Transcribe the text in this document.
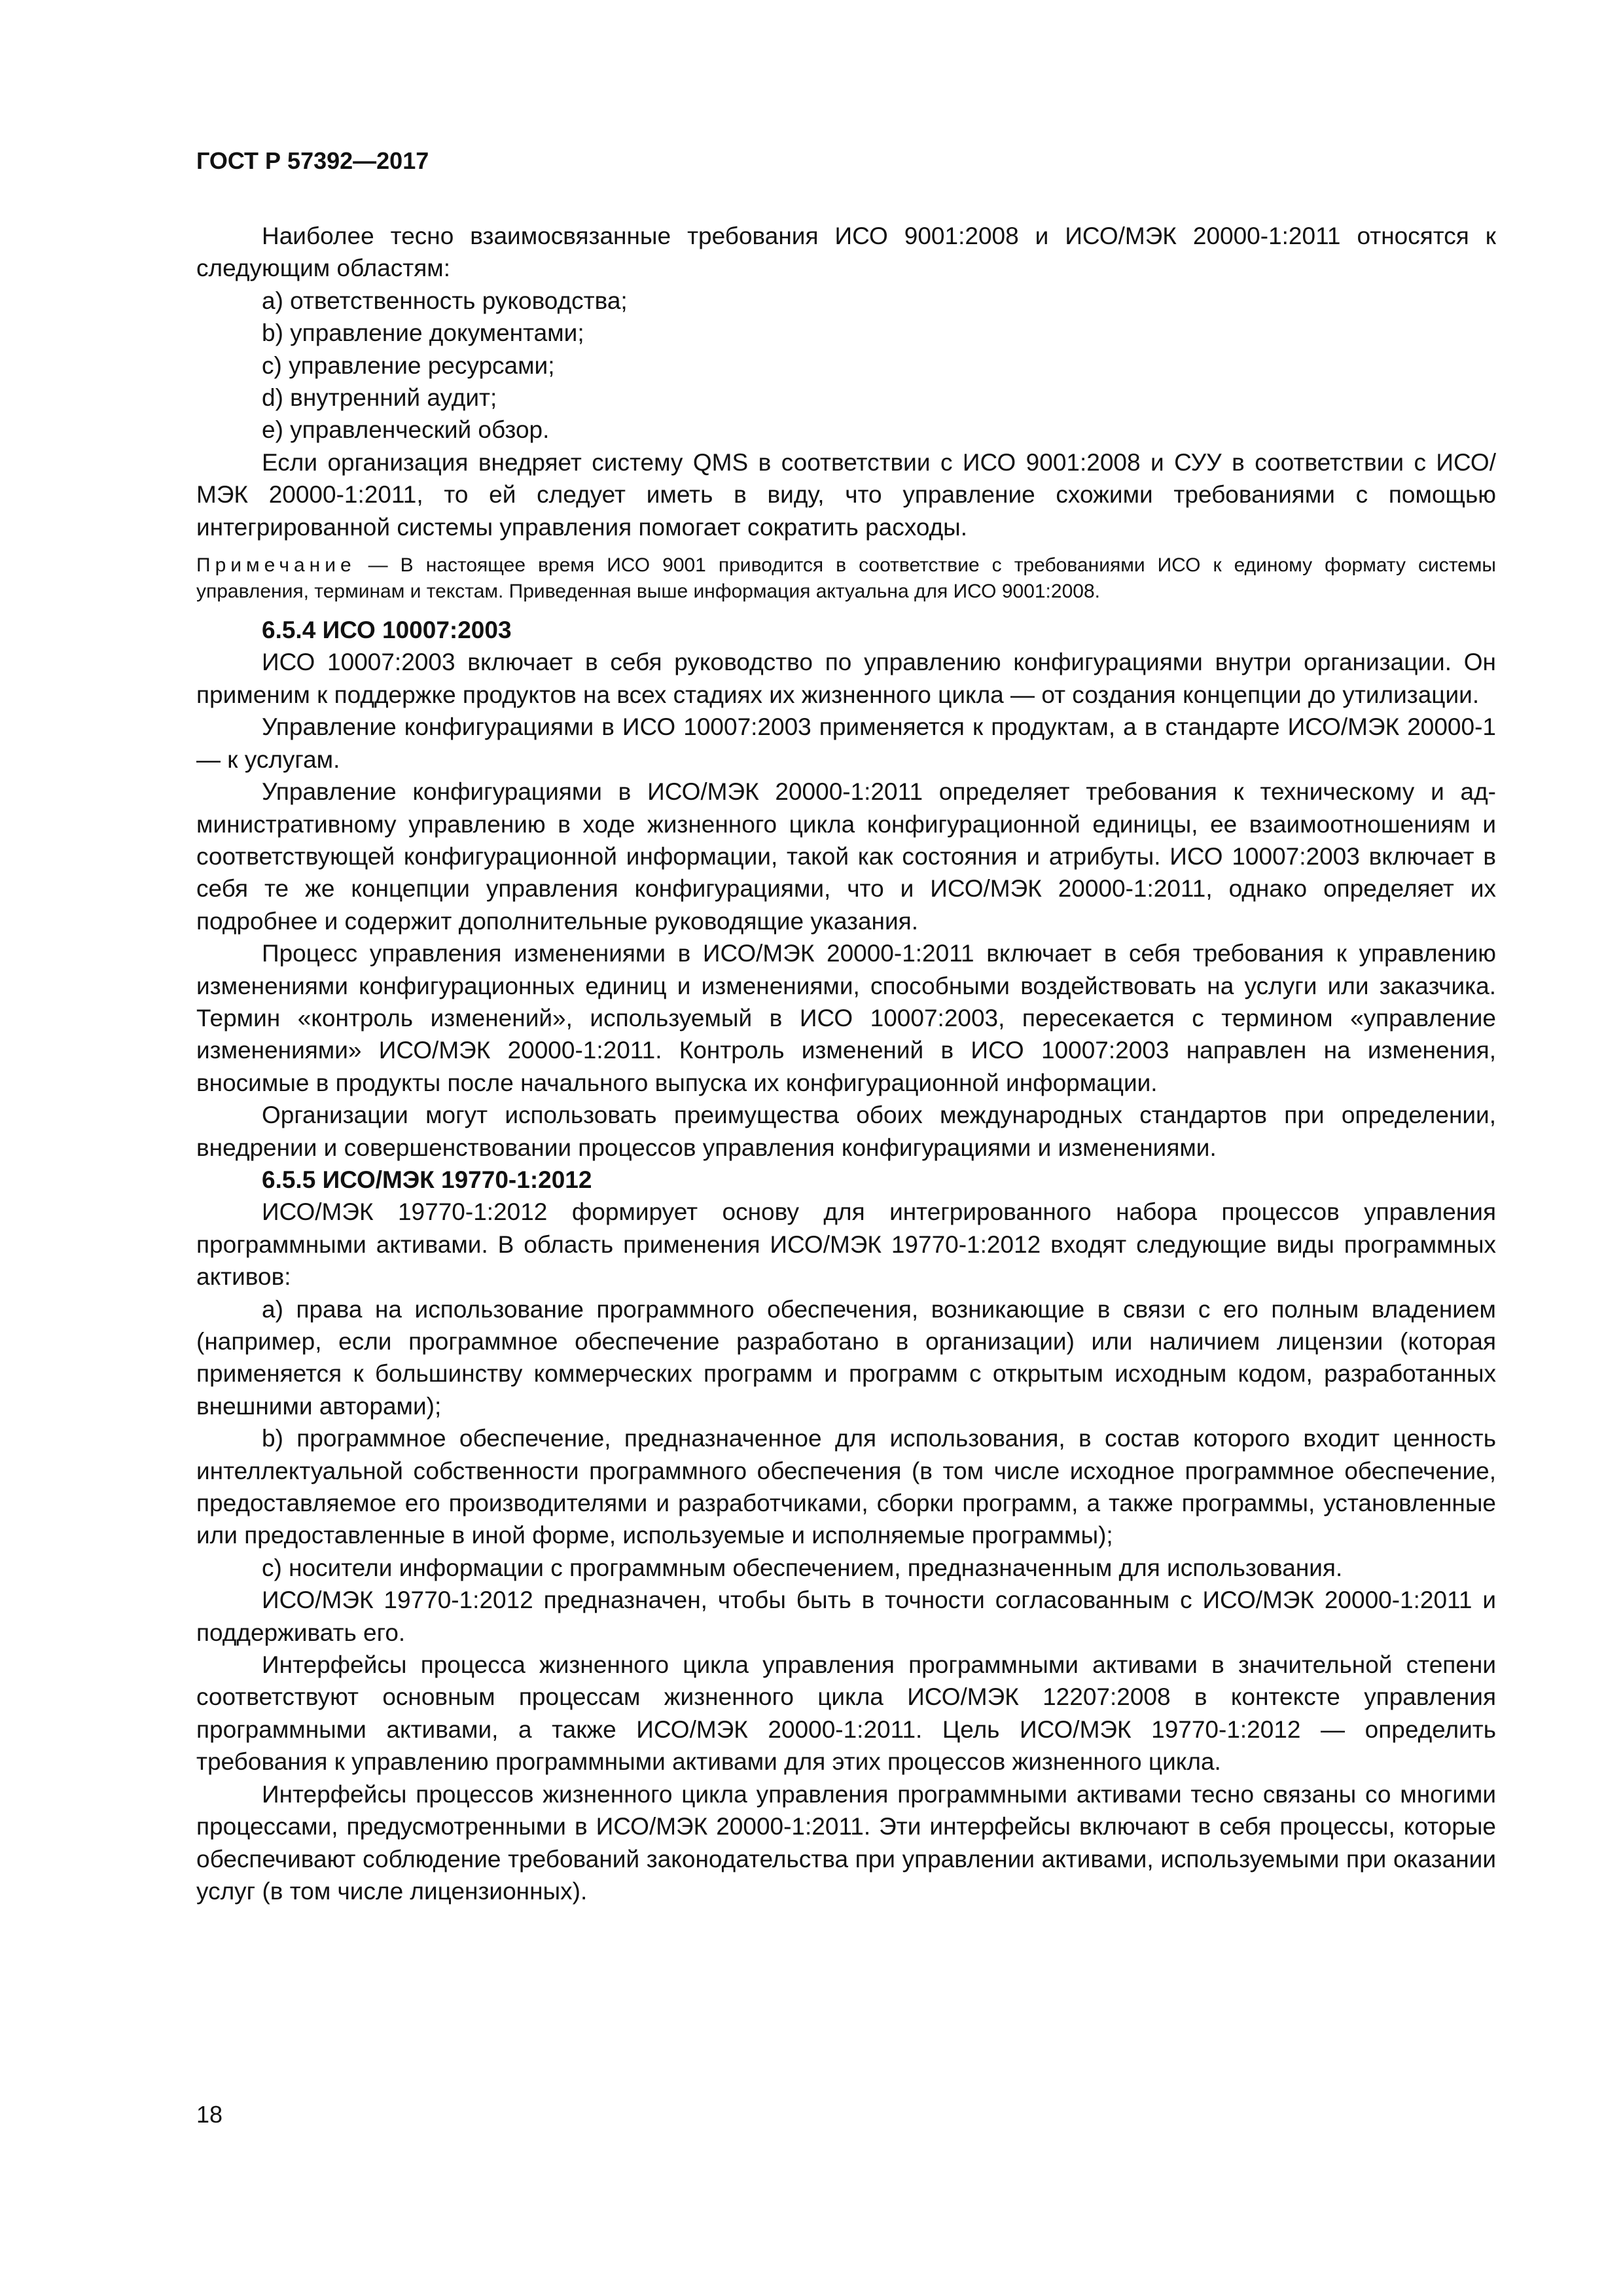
ГОСТ Р 57392—2017

Наиболее тесно взаимосвязанные требования ИСО 9001:2008 и ИСО/МЭК 20000-1:2011 относятся к следующим областям:

а) ответственность руководства;

b) управление документами;

с) управление ресурсами;

d) внутренний аудит;

е) управленческий обзор.

Если организация внедряет систему QMS в соответствии с ИСО 9001:2008 и СУУ в соответствии с ИСО/МЭК 20000-1:2011, то ей следует иметь в виду, что управление схожими требованиями с помощью интегрированной системы управления помогает сократить расходы.

Примечание — В настоящее время ИСО 9001 приводится в соответствие с требованиями ИСО к единому формату системы управления, терминам и текстам. Приведенная выше информация актуальна для ИСО 9001:2008.

6.5.4 ИСО 10007:2003

ИСО 10007:2003 включает в себя руководство по управлению конфигурациями внутри организации. Он применим к поддержке продуктов на всех стадиях их жизненного цикла — от создания концепции до утилизации.

Управление конфигурациями в ИСО 10007:2003 применяется к продуктам, а в стандарте ИСО/МЭК 20000-1 — к услугам.

Управление конфигурациями в ИСО/МЭК 20000-1:2011 определяет требования к техническому и административному управлению в ходе жизненного цикла конфигурационной единицы, ее взаимоотношениям и соответствующей конфигурационной информации, такой как состояния и атрибуты. ИСО 10007:2003 включает в себя те же концепции управления конфигурациями, что и ИСО/МЭК 20000-1:2011, однако определяет их подробнее и содержит дополнительные руководящие указания.

Процесс управления изменениями в ИСО/МЭК 20000-1:2011 включает в себя требования к управлению изменениями конфигурационных единиц и изменениями, способными воздействовать на услуги или заказчика. Термин «контроль изменений», используемый в ИСО 10007:2003, пересекается с термином «управление изменениями» ИСО/МЭК 20000-1:2011. Контроль изменений в ИСО 10007:2003 направлен на изменения, вносимые в продукты после начального выпуска их конфигурационной информации.

Организации могут использовать преимущества обоих международных стандартов при определении, внедрении и совершенствовании процессов управления конфигурациями и изменениями.

6.5.5 ИСО/МЭК 19770-1:2012

ИСО/МЭК 19770-1:2012 формирует основу для интегрированного набора процессов управления программными активами. В область применения ИСО/МЭК 19770-1:2012 входят следующие виды программных активов:

а) права на использование программного обеспечения, возникающие в связи с его полным владением (например, если программное обеспечение разработано в организации) или наличием лицензии (которая применяется к большинству коммерческих программ и программ с открытым исходным кодом, разработанных внешними авторами);

b) программное обеспечение, предназначенное для использования, в состав которого входит ценность интеллектуальной собственности программного обеспечения (в том числе исходное программное обеспечение, предоставляемое его производителями и разработчиками, сборки программ, а также программы, установленные или предоставленные в иной форме, используемые и исполняемые программы);

с) носители информации с программным обеспечением, предназначенным для использования.

ИСО/МЭК 19770-1:2012 предназначен, чтобы быть в точности согласованным с ИСО/МЭК 20000-1:2011 и поддерживать его.

Интерфейсы процесса жизненного цикла управления программными активами в значительной степени соответствуют основным процессам жизненного цикла ИСО/МЭК 12207:2008 в контексте управления программными активами, а также ИСО/МЭК 20000-1:2011. Цель ИСО/МЭК 19770-1:2012 — определить требования к управлению программными активами для этих процессов жизненного цикла.

Интерфейсы процессов жизненного цикла управления программными активами тесно связаны со многими процессами, предусмотренными в ИСО/МЭК 20000-1:2011. Эти интерфейсы включают в себя процессы, которые обеспечивают соблюдение требований законодательства при управлении активами, используемыми при оказании услуг (в том числе лицензионных).

18
